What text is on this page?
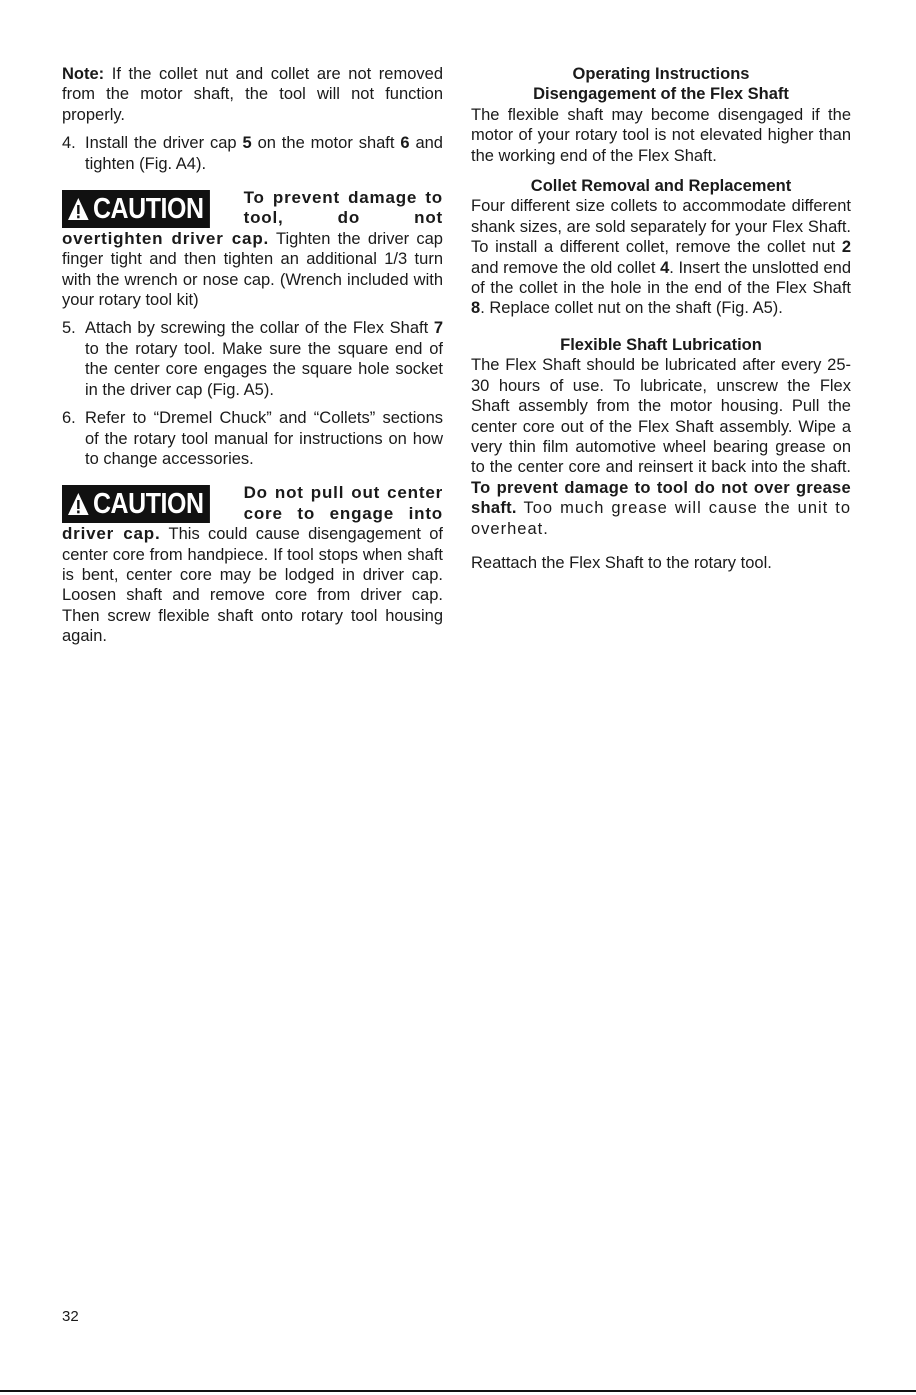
Note: If the collet nut and collet are not removed from the motor shaft, the tool will not function properly.

4. Install the driver cap 5 on the motor shaft 6 and tighten (Fig. A4).
CAUTION	To prevent damage to tool, do not overtighten driver cap. Tighten the driver cap finger tight and then tighten an additional 1/3 turn with the wrench or nose cap. (Wrench included with your rotary tool kit)

5. Attach by screwing the collar of the Flex Shaft 7 to the rotary tool. Make sure the square end of the center core engages the square hole socket in the driver cap (Fig. A5).
6. Refer to “Dremel Chuck” and “Collets” sections of the rotary tool manual for instructions on how to change accessories.
CAUTION	Do not pull out center core to engage into driver cap. This could cause disengagement of center core from handpiece. If tool stops when shaft is bent, center core may be lodged in driver cap. Loosen shaft and remove core from driver cap. Then screw flexible shaft onto rotary tool housing again.

Operating Instructions
Disengagement of the Flex Shaft

The flexible shaft may become disengaged if the motor of your rotary tool is not elevated higher than the working end of the Flex Shaft.

Collet Removal and Replacement

Four different size collets to accommodate different shank sizes, are sold separately for your Flex Shaft. To install a different collet, remove the collet nut 2 and remove the old collet 4. Insert the unslotted end of the collet in the hole in the end of the Flex Shaft 8. Replace collet nut on the shaft (Fig. A5).

Flexible Shaft Lubrication

The Flex Shaft should be lubricated after every 25-30 hours of use. To lubricate, unscrew the Flex Shaft assembly from the motor housing. Pull the center core out of the Flex Shaft assembly. Wipe a very thin film automotive wheel bearing grease on to the center core and reinsert it back into the shaft. To prevent damage to tool do not over grease shaft. Too much grease will cause the unit to overheat.

Reattach the Flex Shaft to the rotary tool.

32
